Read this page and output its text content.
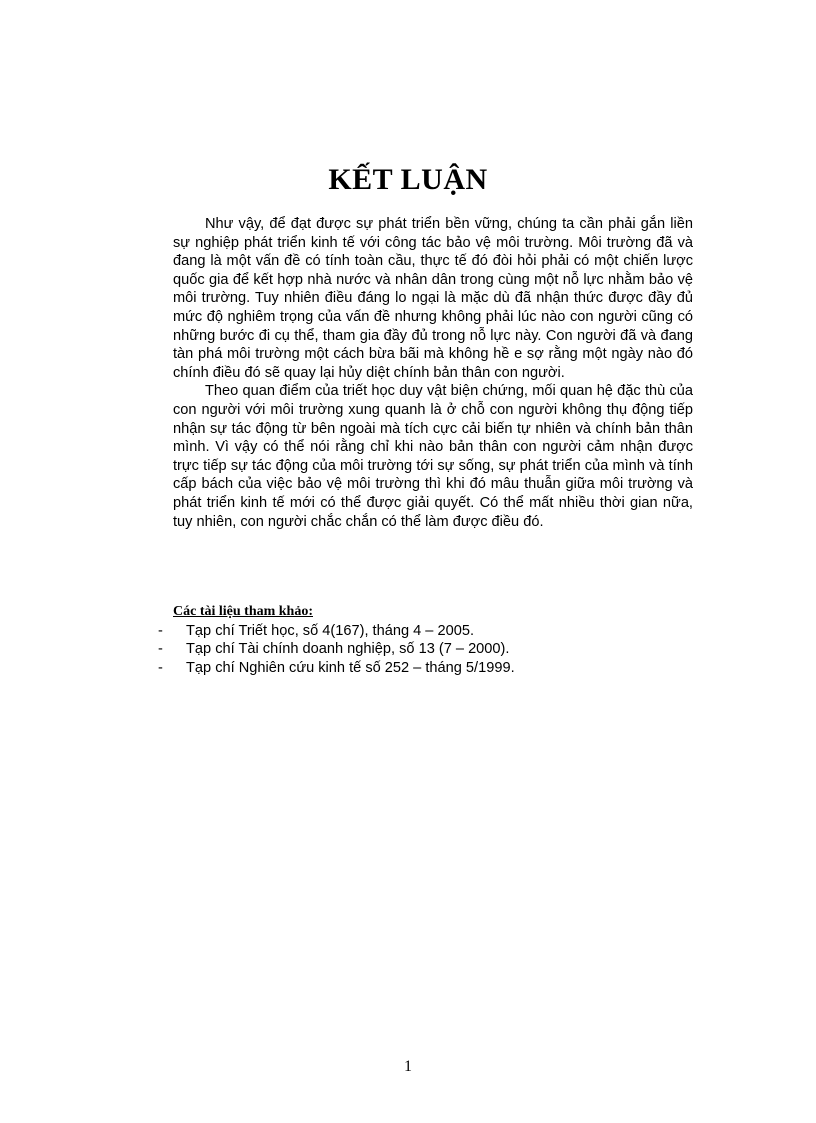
KẾT LUẬN

Như vậy, để đạt được sự phát triển bền vững, chúng ta cần phải gắn liền sự nghiệp phát triển kinh tế với công tác bảo vệ môi trường. Môi trường đã và đang là một vấn đề có tính toàn cầu, thực tế đó đòi hỏi phải có một chiến lược quốc gia để kết hợp nhà nước và nhân dân trong cùng một nỗ lực nhằm bảo vệ môi trường. Tuy nhiên điều đáng lo ngại là mặc dù đã nhận thức được đầy đủ mức độ nghiêm trọng của vấn đề nhưng không phải lúc nào con người cũng có những bước đi cụ thể, tham gia đầy đủ trong nỗ lực này. Con người đã và đang tàn phá môi trường một cách bừa bãi mà không hề e sợ rằng một ngày nào đó chính điều đó sẽ quay lại hủy diệt chính bản thân con người.

Theo quan điểm của triết học duy vật biện chứng, mối quan hệ đặc thù của con người với môi trường xung quanh là ở chỗ con người không thụ động tiếp nhận sự tác động từ bên ngoài mà tích cực cải biến tự nhiên và chính bản thân mình. Vì vậy có thể nói rằng chỉ khi nào bản thân con người cảm nhận được trực tiếp sự tác động của môi trường tới sự sống, sự phát triển của mình và tính cấp bách của việc bảo vệ môi trường thì khi đó mâu thuẫn giữa môi trường và phát triển kinh tế mới có thể được giải quyết. Có thể mất nhiều thời gian nữa, tuy nhiên, con người chắc chắn có thể làm được điều đó.

Các tài liệu tham khảo:

-	Tạp chí Triết học, số 4(167), tháng 4 – 2005.
-	Tạp chí Tài chính doanh nghiệp, số 13 (7 – 2000).
-	Tạp chí Nghiên cứu kinh tế số 252 – tháng 5/1999.
1
